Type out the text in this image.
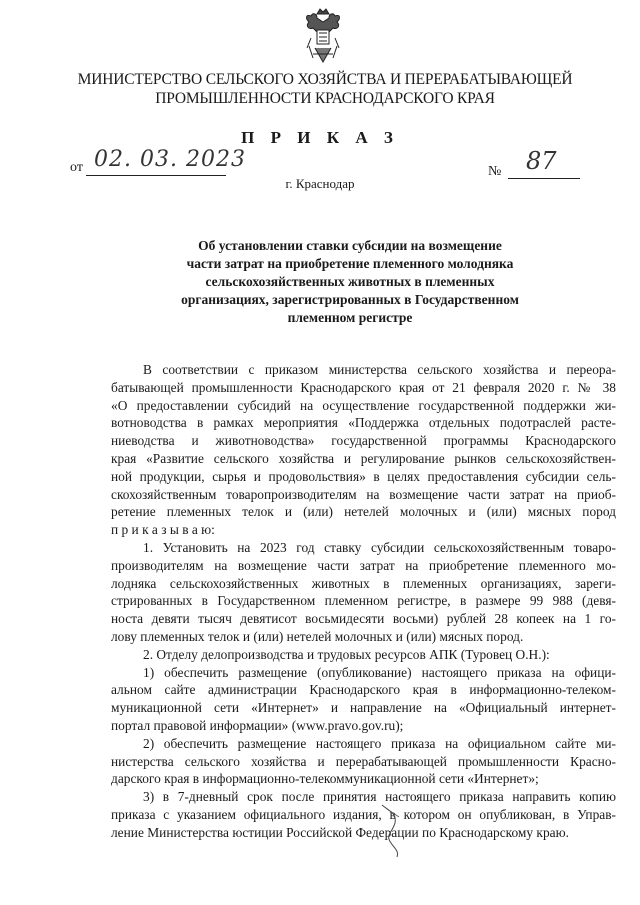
МИНИСТЕРСТВО СЕЛЬСКОГО ХОЗЯЙСТВА И ПЕРЕРАБАТЫВАЮЩЕЙ
ПРОМЫШЛЕННОСТИ КРАСНОДАРСКОГО КРАЯ
П Р И К А З
от 02. 03. 2023	№ 87
г. Краснодар
Об установлении ставки субсидии на возмещение
части затрат на приобретение племенного молодняка
сельскохозяйственных животных в племенных
организациях, зарегистрированных в Государственном
племенном регистре
В соответствии с приказом министерства сельского хозяйства и переора-
батывающей промышленности Краснодарского края от 21 февраля 2020 г. № 38
«О предоставлении субсидий на осуществление государственной поддержки жи-
вотноводства в рамках мероприятия «Поддержка отдельных подотраслей расте-
ниеводства и животноводства» государственной программы Краснодарского
края «Развитие сельского хозяйства и регулирование рынков сельскохозяйствен-
ной продукции, сырья и продовольствия» в целях предоставления субсидии сель-
скохозяйственным товаропроизводителям на возмещение части затрат на приоб-
ретение племенных телок и (или) нетелей молочных и (или) мясных пород
п р и к а з ы в а ю:
1. Установить на 2023 год ставку субсидии сельскохозяйственным товаро-
производителям на возмещение части затрат на приобретение племенного мо-
лодняка сельскохозяйственных животных в племенных организациях, зареги-
стрированных в Государственном племенном регистре, в размере 99 988 (девя-
носта девяти тысяч девятисот восьмидесяти восьми) рублей 28 копеек на 1 го-
лову племенных телок и (или) нетелей молочных и (или) мясных пород.
2. Отделу делопроизводства и трудовых ресурсов АПК (Туровец О.Н.):
1) обеспечить размещение (опубликование) настоящего приказа на офици-
альном сайте администрации Краснодарского края в информационно-телеком-
муникационной сети «Интернет» и направление на «Официальный интернет-
портал правовой информации» (www.pravo.gov.ru);
2) обеспечить размещение настоящего приказа на официальном сайте ми-
нистерства сельского хозяйства и перерабатывающей промышленности Красно-
дарского края в информационно-телекоммуникационной сети «Интернет»;
3) в 7-дневный срок после принятия настоящего приказа направить копию
приказа с указанием официального издания, в котором он опубликован, в Управ-
ление Министерства юстиции Российской Федерации по Краснодарскому краю.
